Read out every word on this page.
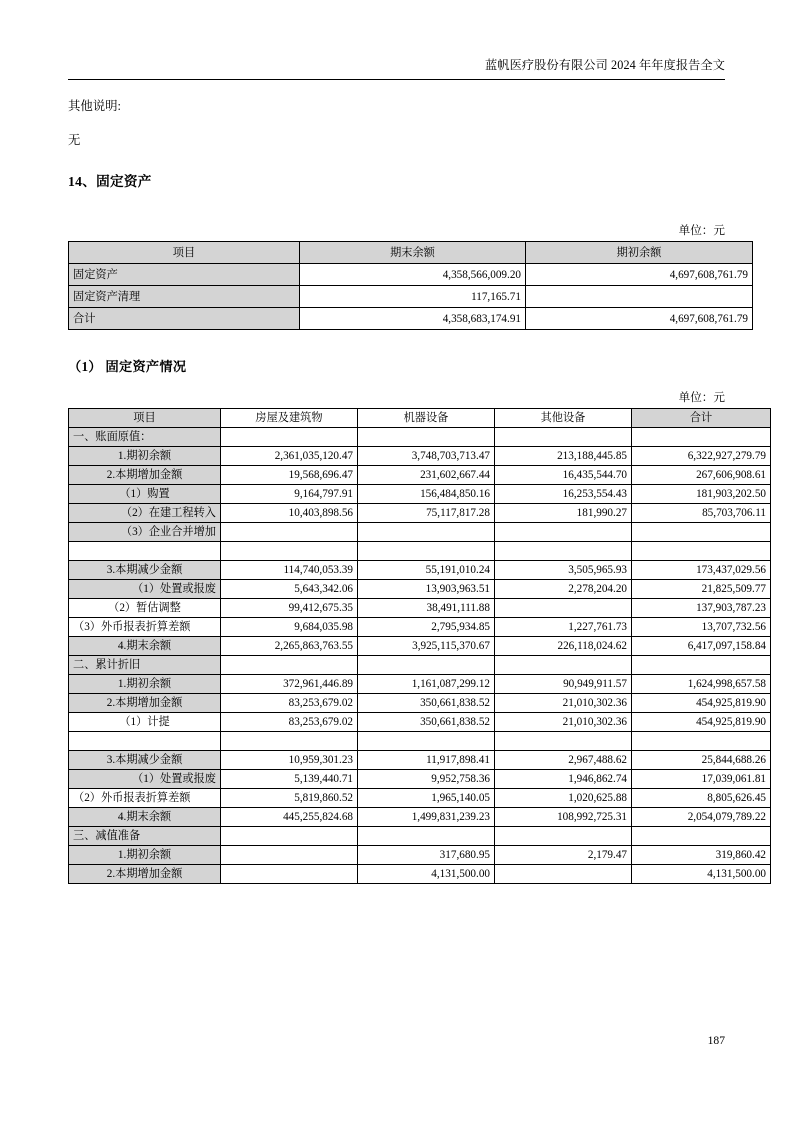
蓝帆医疗股份有限公司 2024 年年度报告全文
其他说明:
无
14、固定资产
单位：元
项目	期末余额	期初余额
固定资产	4,358,566,009.20	4,697,608,761.79
固定资产清理	117,165.71	
合计	4,358,683,174.91	4,697,608,761.79
（1） 固定资产情况
单位：元
项目	房屋及建筑物	机器设备	其他设备	合计
一、账面原值：				
1.期初余额	2,361,035,120.47	3,748,703,713.47	213,188,445.85	6,322,927,279.79
2.本期增加金额	19,568,696.47	231,602,667.44	16,435,544.70	267,606,908.61
（1）购置	9,164,797.91	156,484,850.16	16,253,554.43	181,903,202.50
（2）在建工程转入	10,403,898.56	75,117,817.28	181,990.27	85,703,706.11
（3）企业合并增加				

3.本期减少金额	114,740,053.39	55,191,010.24	3,505,965.93	173,437,029.56
（1）处置或报废	5,643,342.06	13,903,963.51	2,278,204.20	21,825,509.77
（2）暂估调整	99,412,675.35	38,491,111.88		137,903,787.23
（3）外币报表折算差额	9,684,035.98	2,795,934.85	1,227,761.73	13,707,732.56
4.期末余额	2,265,863,763.55	3,925,115,370.67	226,118,024.62	6,417,097,158.84
二、累计折旧				
1.期初余额	372,961,446.89	1,161,087,299.12	90,949,911.57	1,624,998,657.58
2.本期增加金额	83,253,679.02	350,661,838.52	21,010,302.36	454,925,819.90
（1）计提	83,253,679.02	350,661,838.52	21,010,302.36	454,925,819.90

3.本期减少金额	10,959,301.23	11,917,898.41	2,967,488.62	25,844,688.26
（1）处置或报废	5,139,440.71	9,952,758.36	1,946,862.74	17,039,061.81
（2）外币报表折算差额	5,819,860.52	1,965,140.05	1,020,625.88	8,805,626.45
4.期末余额	445,255,824.68	1,499,831,239.23	108,992,725.31	2,054,079,789.22
三、减值准备				
1.期初余额		317,680.95	2,179.47	319,860.42
2.本期增加金额		4,131,500.00		4,131,500.00
187
